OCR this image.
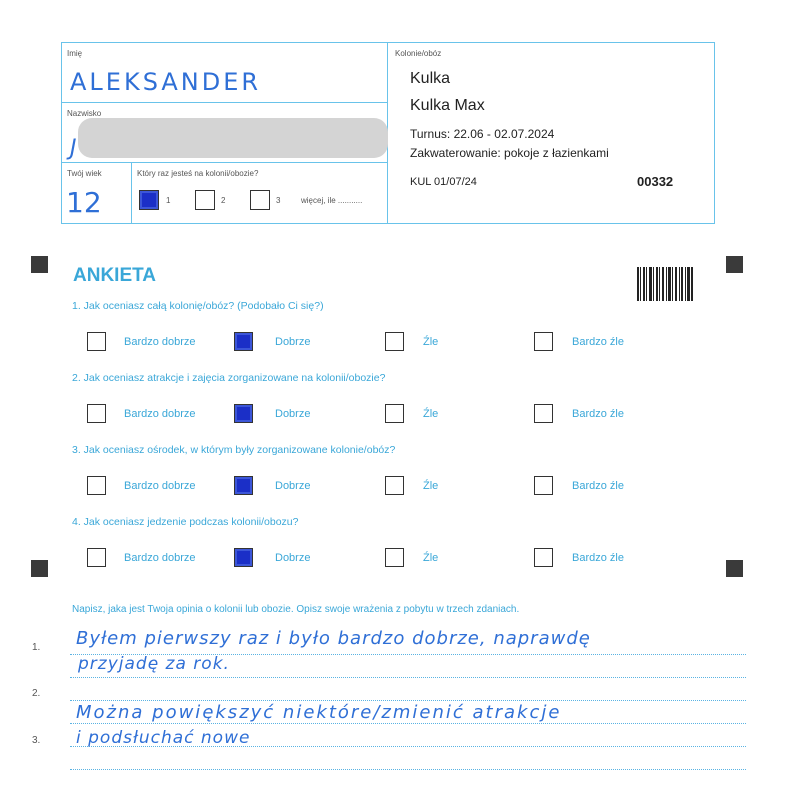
Imię
ALEKSANDER
Nazwisko
J
Twój wiek
12
Który raz jesteś na kolonii/obozie?
1	2	3	więcej, ile ...........
Kolonie/obóz
Kulka
Kulka Max
Turnus: 22.06 - 02.07.2024
Zakwaterowanie: pokoje z łazienkami
KUL 01/07/24	00332
ANKIETA
1. Jak oceniasz całą kolonię/obóz? (Podobało Ci się?)
Bardzo dobrze	Dobrze	Źle	Bardzo źle
2. Jak oceniasz atrakcje i zajęcia zorganizowane na kolonii/obozie?
Bardzo dobrze	Dobrze	Źle	Bardzo źle
3. Jak oceniasz ośrodek, w którym były zorganizowane kolonie/obóz?
Bardzo dobrze	Dobrze	Źle	Bardzo źle
4. Jak oceniasz jedzenie podczas kolonii/obozu?
Bardzo dobrze	Dobrze	Źle	Bardzo źle
Napisz, jaka jest Twoja opinia o kolonii lub obozie. Opisz swoje wrażenia z pobytu w trzech zdaniach.
1.
2.
3.
Byłem pierwszy raz i było bardzo dobrze, naprawdę
przyjadę za rok.
Można powiększyć niektóre/zmienić atrakcje
i podsłuchać nowe
